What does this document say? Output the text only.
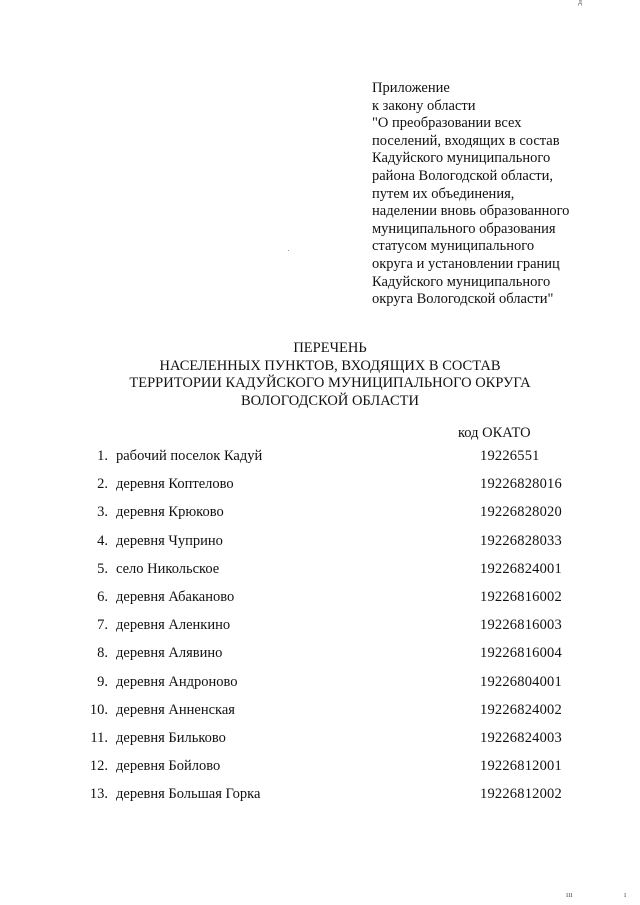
д
Приложение
к закону области
"О преобразовании всех
поселений, входящих в состав
Кадуйского муниципального
района Вологодской области,
путем их объединения,
наделении вновь образованного
муниципального образования
статусом муниципального
округа и установлении границ
Кадуйского муниципального
округа Вологодской области"
ПЕРЕЧЕНЬ
НАСЕЛЕННЫХ ПУНКТОВ, ВХОДЯЩИХ В СОСТАВ
ТЕРРИТОРИИ КАДУЙСКОГО МУНИЦИПАЛЬНОГО ОКРУГА
ВОЛОГОДСКОЙ ОБЛАСТИ
код ОКАТО
1. рабочий поселок Кадуй	19226551
2. деревня Коптелово	19226828016
3. деревня Крюково	19226828020
4. деревня Чуприно	19226828033
5. село Никольское	19226824001
6. деревня Абаканово	19226816002
7. деревня Аленкино	19226816003
8. деревня Алявино	19226816004
9. деревня Андроново	19226804001
10. деревня Анненская	19226824002
11. деревня Бильково	19226824003
12. деревня Бойлово	19226812001
13. деревня Большая Горка	19226812002
ııı	ı
